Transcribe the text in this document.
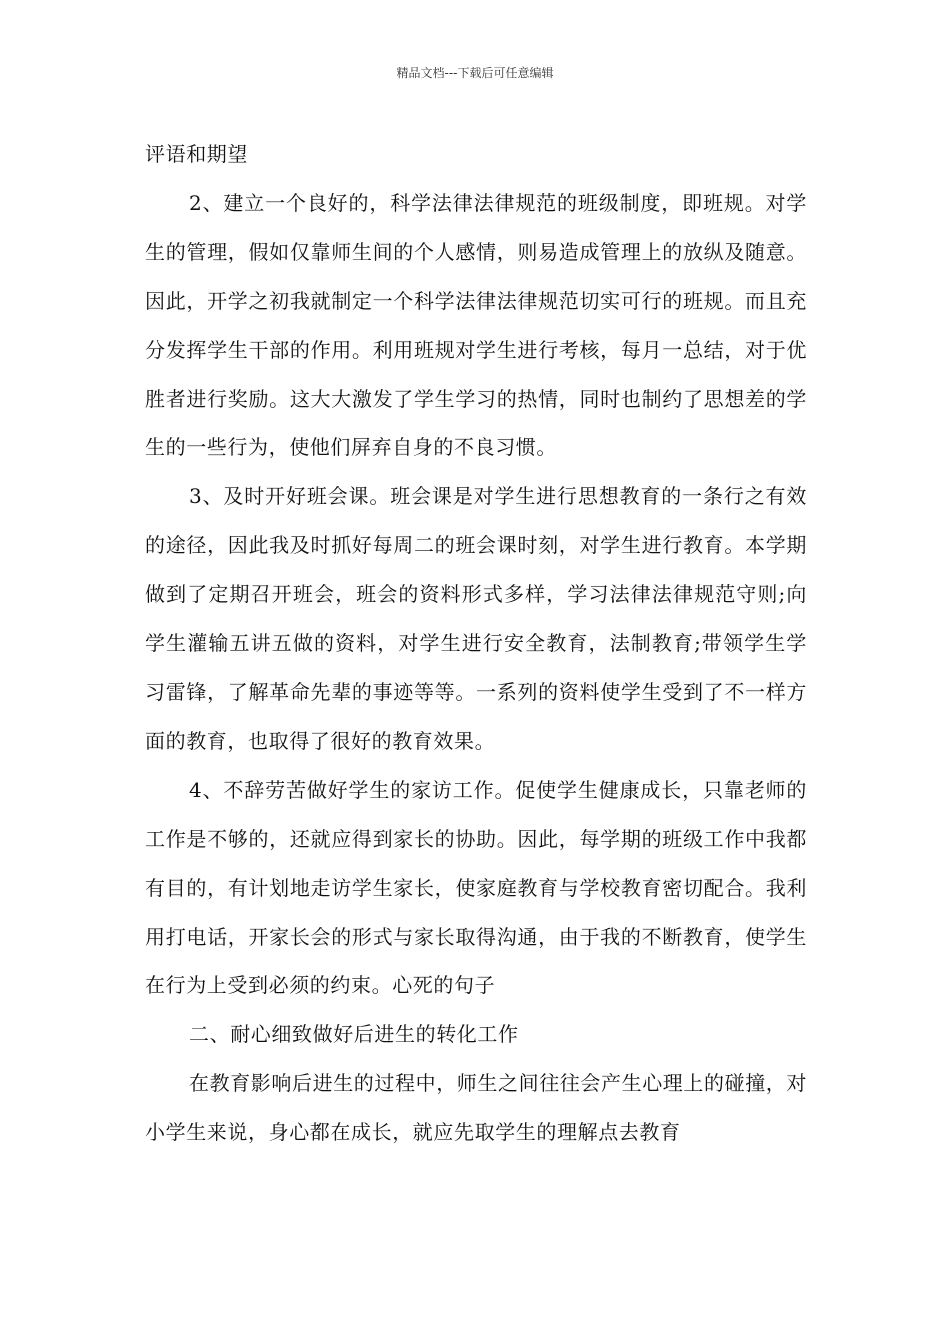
精品文档---下载后可任意编辑

评语和期望

2、建立一个良好的，科学法律法律规范的班级制度，即班规。对学生的管理，假如仅靠师生间的个人感情，则易造成管理上的放纵及随意。因此，开学之初我就制定一个科学法律法律规范切实可行的班规。而且充分发挥学生干部的作用。利用班规对学生进行考核，每月一总结，对于优胜者进行奖励。这大大激发了学生学习的热情，同时也制约了思想差的学生的一些行为，使他们屏弃自身的不良习惯。

3、及时开好班会课。班会课是对学生进行思想教育的一条行之有效的途径，因此我及时抓好每周二的班会课时刻，对学生进行教育。本学期做到了定期召开班会，班会的资料形式多样，学习法律法律规范守则;向学生灌输五讲五做的资料，对学生进行安全教育，法制教育;带领学生学习雷锋，了解革命先辈的事迹等等。一系列的资料使学生受到了不一样方面的教育，也取得了很好的教育效果。

4、不辞劳苦做好学生的家访工作。促使学生健康成长，只靠老师的工作是不够的，还就应得到家长的协助。因此，每学期的班级工作中我都有目的，有计划地走访学生家长，使家庭教育与学校教育密切配合。我利用打电话，开家长会的形式与家长取得沟通，由于我的不断教育，使学生在行为上受到必须的约束。心死的句子

二、耐心细致做好后进生的转化工作

在教育影响后进生的过程中，师生之间往往会产生心理上的碰撞，对小学生来说，身心都在成长，就应先取学生的理解点去教育
